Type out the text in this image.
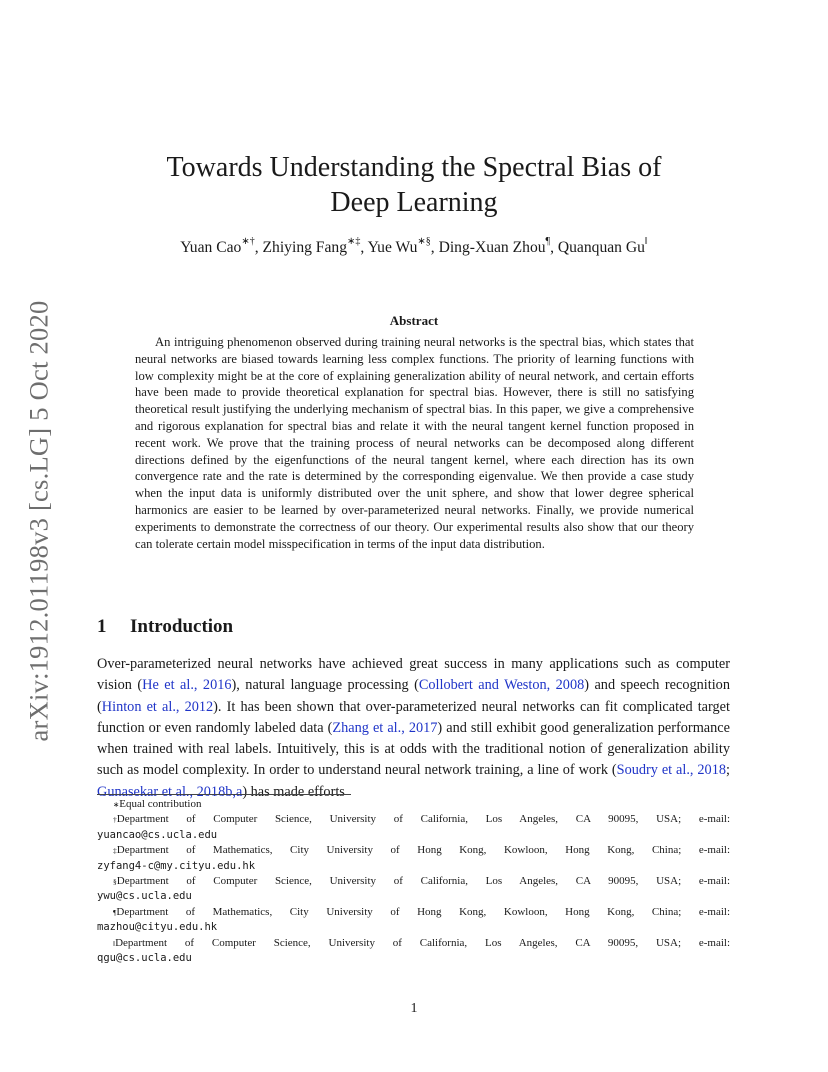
arXiv:1912.01198v3 [cs.LG] 5 Oct 2020
Towards Understanding the Spectral Bias of
Deep Learning
Yuan Cao∗†, Zhiying Fang∗‡, Yue Wu∗§, Ding-Xuan Zhou¶, Quanquan Gu‖
Abstract

An intriguing phenomenon observed during training neural networks is the spectral bias, which states that neural networks are biased towards learning less complex functions. The priority of learning functions with low complexity might be at the core of explaining generalization ability of neural network, and certain efforts have been made to provide theoretical explanation for spectral bias. However, there is still no satisfying theoretical result justifying the underlying mechanism of spectral bias. In this paper, we give a comprehensive and rigorous explanation for spectral bias and relate it with the neural tangent kernel function proposed in recent work. We prove that the training process of neural networks can be decomposed along different directions defined by the eigenfunctions of the neural tangent kernel, where each direction has its own convergence rate and the rate is determined by the corresponding eigenvalue. We then provide a case study when the input data is uniformly distributed over the unit sphere, and show that lower degree spherical harmonics are easier to be learned by over-parameterized neural networks. Finally, we provide numerical experiments to demonstrate the correctness of our theory. Our experimental results also show that our theory can tolerate certain model misspecification in terms of the input data distribution.

1 Introduction

Over-parameterized neural networks have achieved great success in many applications such as computer vision (He et al., 2016), natural language processing (Collobert and Weston, 2008) and speech recognition (Hinton et al., 2012). It has been shown that over-parameterized neural networks can fit complicated target function or even randomly labeled data (Zhang et al., 2017) and still exhibit good generalization performance when trained with real labels. Intuitively, this is at odds with the traditional notion of generalization ability such as model complexity. In order to understand neural network training, a line of work (Soudry et al., 2018; Gunasekar et al., 2018b,a) has made efforts

∗ Equal contribution
† Department of Computer Science, University of California, Los Angeles, CA 90095, USA; e-mail:
yuancao@cs.ucla.edu
‡ Department of Mathematics, City University of Hong Kong, Kowloon, Hong Kong, China; e-mail:
zyfang4-c@my.cityu.edu.hk
§ Department of Computer Science, University of California, Los Angeles, CA 90095, USA; e-mail:
ywu@cs.ucla.edu
¶ Department of Mathematics, City University of Hong Kong, Kowloon, Hong Kong, China; e-mail:
mazhou@cityu.edu.hk
‖ Department of Computer Science, University of California, Los Angeles, CA 90095, USA; e-mail:
qgu@cs.ucla.edu
1
